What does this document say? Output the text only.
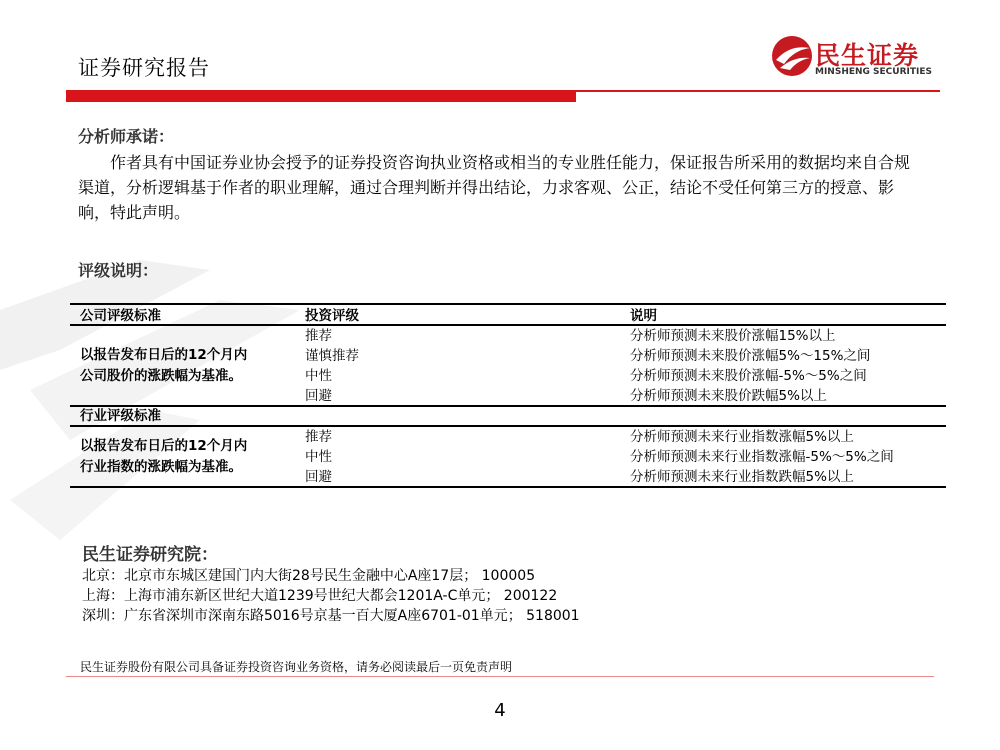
证券研究报告	民生证券
MINSHENG SECURITIES
分析师承诺：
作者具有中国证券业协会授予的证券投资咨询执业资格或相当的专业胜任能力，保证报告所采用的数据均来自合规渠道，分析逻辑基于作者的职业理解，通过合理判断并得出结论，力求客观、公正，结论不受任何第三方的授意、影响，特此声明。
评级说明：
公司评级标准	投资评级	说明
以报告发布日后的12个月内
公司股价的涨跌幅为基准。
推荐	分析师预测未来股价涨幅15%以上
谨慎推荐	分析师预测未来股价涨幅5%～15%之间
中性	分析师预测未来股价涨幅-5%～5%之间
回避	分析师预测未来股价跌幅5%以上
行业评级标准
以报告发布日后的12个月内
行业指数的涨跌幅为基准。
推荐	分析师预测未来行业指数涨幅5%以上
中性	分析师预测未来行业指数涨幅-5%～5%之间
回避	分析师预测未来行业指数跌幅5%以上
民生证券研究院：
北京：北京市东城区建国门内大街28号民生金融中心A座17层； 100005
上海：上海市浦东新区世纪大道1239号世纪大都会1201A-C单元； 200122
深圳：广东省深圳市深南东路5016号京基一百大厦A座6701-01单元； 518001
民生证券股份有限公司具备证券投资咨询业务资格，请务必阅读最后一页免责声明
4
